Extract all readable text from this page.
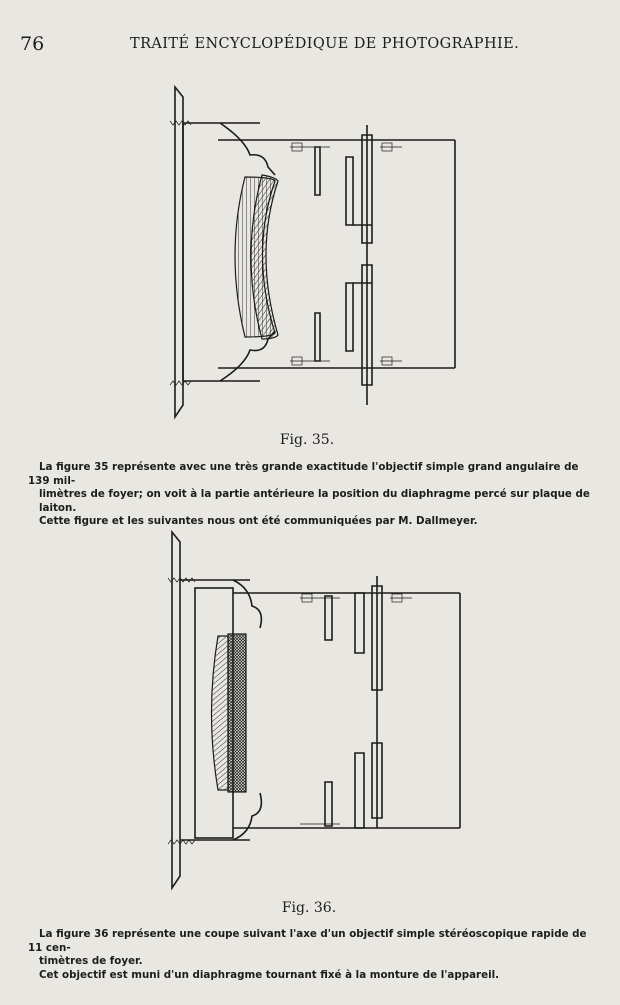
76	TRAITÉ ENCYCLOPÉDIQUE DE PHOTOGRAPHIE.
Fig. 35.

La figure 35 représente avec une très grande exactitude l'objectif simple grand angulaire de 139 mil-

limètres de foyer; on voit à la partie antérieure la position du diaphragme percé sur plaque de laiton.

Cette figure et les suivantes nous ont été communiquées par M. Dallmeyer.

Fig. 36.

La figure 36 représente une coupe suivant l'axe d'un objectif simple stéréoscopique rapide de 11 cen-

timètres de foyer.

Cet objectif est muni d'un diaphragme tournant fixé à la monture de l'appareil.
